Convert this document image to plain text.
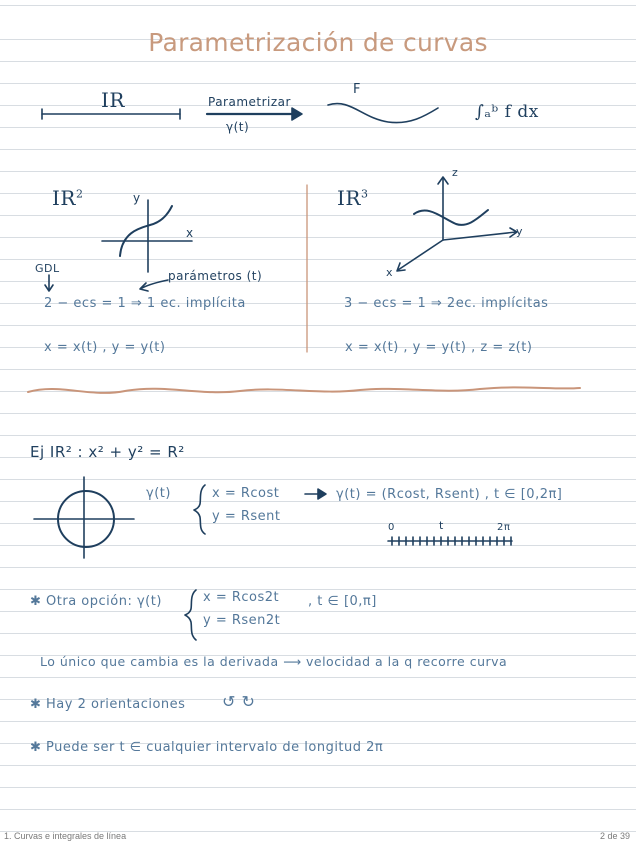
Parametrización de curvas
IR	Parametrizar
γ(t)
F
∫ₐᵇ f dx
$IR^2$	y
x
GDL
parámetros (t)
2 − ecs = 1 ⇒ 1 ec. implícita
x = x(t) , y = y(t)
$IR^3$
z
y
x
3 − ecs = 1 ⇒ 2ec. implícitas
x = x(t) , y = y(t) , z = z(t)
Ej IR² : x² + y² = R²
γ(t)	x = Rcost
y = Rsent
γ(t) = (Rcost, Rsent) , t ∈ [0,2π]
0	t	2π
✱ Otra opción: γ(t)	x = Rcos2t
y = Rsen2t
, t ∈ [0,π]
Lo único que cambia es la derivada ⟶ velocidad a la q recorre curva
✱ Hay 2 orientaciones ↺ ↻
✱ Puede ser t ∈ cualquier intervalo de longitud 2π
1. Curvas e integrales de línea	2 de 39
